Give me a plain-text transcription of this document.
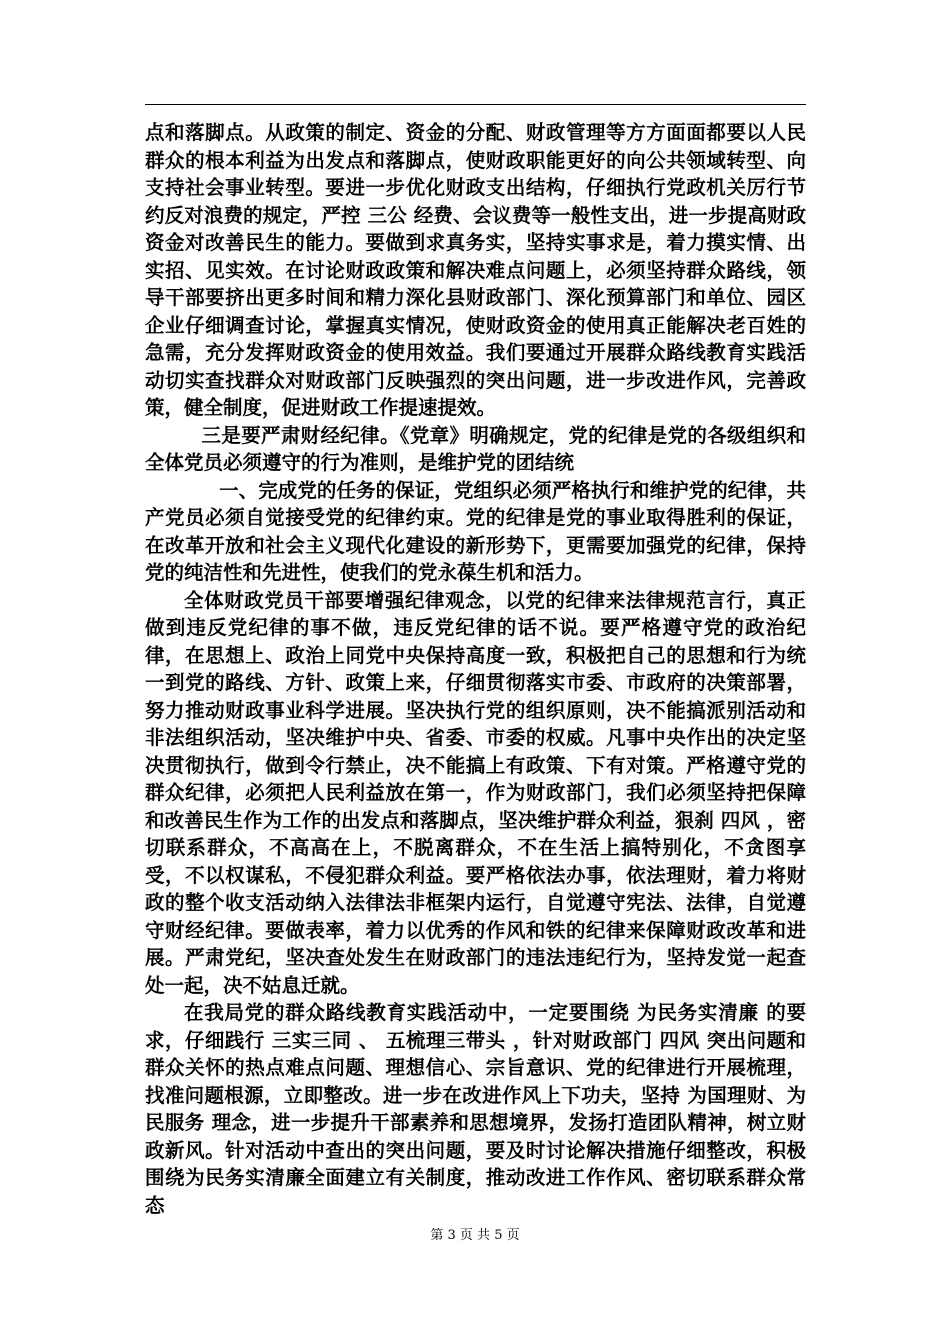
点和落脚点。从政策的制定、资金的分配、财政管理等方方面面都要以人民群众的根本利益为出发点和落脚点，使财政职能更好的向公共领域转型、向支持社会事业转型。要进一步优化财政支出结构，仔细执行党政机关厉行节约反对浪费的规定，严控 三公 经费、会议费等一般性支出，进一步提高财政资金对改善民生的能力。要做到求真务实，坚持实事求是，着力摸实情、出实招、见实效。在讨论财政政策和解决难点问题上，必须坚持群众路线，领导干部要挤出更多时间和精力深化县财政部门、深化预算部门和单位、园区企业仔细调查讨论，掌握真实情况，使财政资金的使用真正能解决老百姓的急需，充分发挥财政资金的使用效益。我们要通过开展群众路线教育实践活动切实查找群众对财政部门反映强烈的突出问题，进一步改进作风，完善政策，健全制度，促进财政工作提速提效。

三是要严肃财经纪律。《党章》明确规定，党的纪律是党的各级组织和全体党员必须遵守的行为准则，是维护党的团结统

一、完成党的任务的保证，党组织必须严格执行和维护党的纪律，共产党员必须自觉接受党的纪律约束。党的纪律是党的事业取得胜利的保证，在改革开放和社会主义现代化建设的新形势下，更需要加强党的纪律，保持党的纯洁性和先进性，使我们的党永葆生机和活力。

全体财政党员干部要增强纪律观念，以党的纪律来法律规范言行，真正做到违反党纪律的事不做，违反党纪律的话不说。要严格遵守党的政治纪律，在思想上、政治上同党中央保持高度一致，积极把自己的思想和行为统一到党的路线、方针、政策上来，仔细贯彻落实市委、市政府的决策部署，努力推动财政事业科学进展。坚决执行党的组织原则，决不能搞派别活动和非法组织活动，坚决维护中央、省委、市委的权威。凡事中央作出的决定坚决贯彻执行，做到令行禁止，决不能搞上有政策、下有对策。严格遵守党的群众纪律，必须把人民利益放在第一，作为财政部门，我们必须坚持把保障和改善民生作为工作的出发点和落脚点，坚决维护群众利益，狠刹 四风 ，密切联系群众，不高高在上，不脱离群众，不在生活上搞特别化，不贪图享受，不以权谋私，不侵犯群众利益。要严格依法办事，依法理财，着力将财政的整个收支活动纳入法律法非框架内运行，自觉遵守宪法、法律，自觉遵守财经纪律。要做表率，着力以优秀的作风和铁的纪律来保障财政改革和进展。严肃党纪，坚决查处发生在财政部门的违法违纪行为，坚持发觉一起查处一起，决不姑息迁就。

在我局党的群众路线教育实践活动中，一定要围绕 为民务实清廉 的要求，仔细践行 三实三同 、 五梳理三带头 ，针对财政部门 四风 突出问题和群众关怀的热点难点问题、理想信心、宗旨意识、党的纪律进行开展梳理，找准问题根源，立即整改。进一步在改进作风上下功夫，坚持 为国理财、为民服务 理念，进一步提升干部素养和思想境界，发扬打造团队精神，树立财政新风。针对活动中查出的突出问题，要及时讨论解决措施仔细整改，积极围绕为民务实清廉全面建立有关制度，推动改进工作作风、密切联系群众常态

第 3 页 共 5 页
